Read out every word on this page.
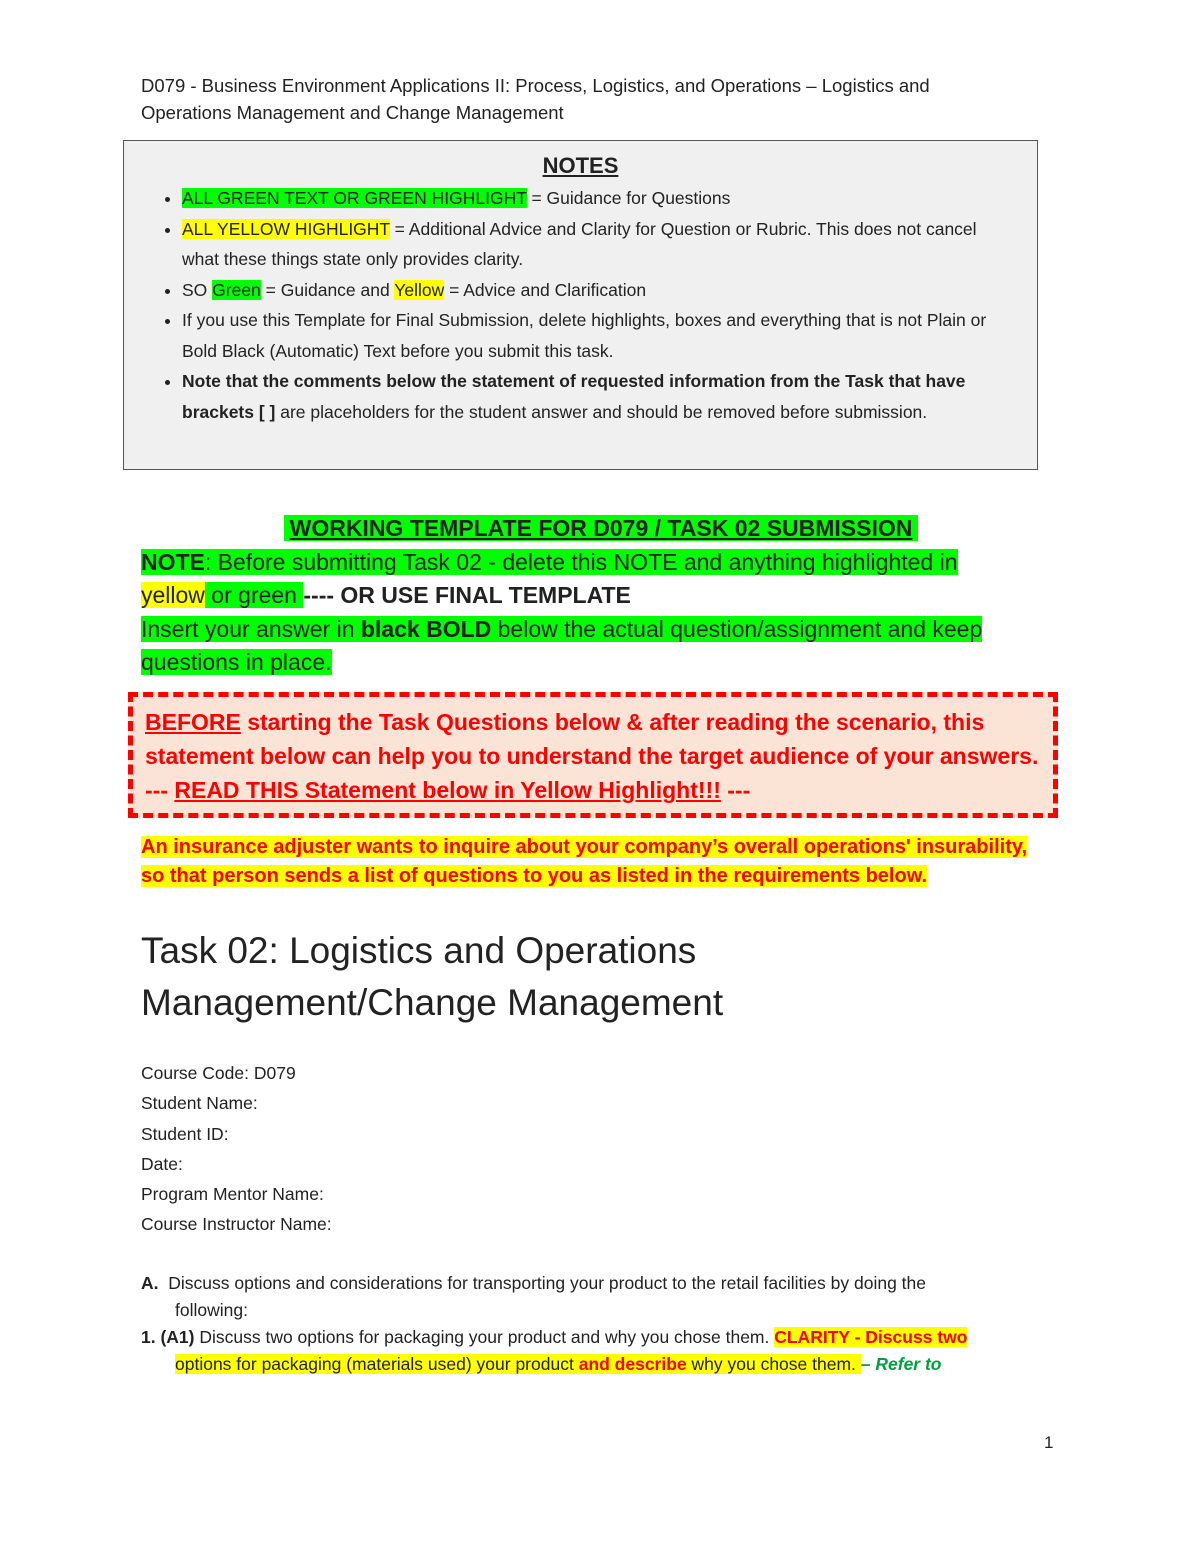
D079 - Business Environment Applications II: Process, Logistics, and Operations – Logistics and
Operations Management and Change Management
NOTES
• ALL GREEN TEXT OR GREEN HIGHLIGHT = Guidance for Questions
• ALL YELLOW HIGHLIGHT = Additional Advice and Clarity for Question or Rubric. This does not cancel what these things state only provides clarity.
• SO Green = Guidance and Yellow = Advice and Clarification
• If you use this Template for Final Submission, delete highlights, boxes and everything that is not Plain or Bold Black (Automatic) Text before you submit this task.
• Note that the comments below the statement of requested information from the Task that have brackets [ ] are placeholders for the student answer and should be removed before submission.
WORKING TEMPLATE FOR D079 / TASK 02 SUBMISSION
NOTE: Before submitting Task 02 - delete this NOTE and anything highlighted in
yellow or green ---- OR USE FINAL TEMPLATE
Insert your answer in black BOLD below the actual question/assignment and keep
questions in place.
BEFORE starting the Task Questions below & after reading the scenario, this statement below can help you to understand the target audience of your answers. --- READ THIS Statement below in Yellow Highlight!!! ---
An insurance adjuster wants to inquire about your company’s overall operations' insurability,
so that person sends a list of questions to you as listed in the requirements below.
Task 02: Logistics and Operations
Management/Change Management
Course Code: D079
Student Name:
Student ID:
Date:
Program Mentor Name:
Course Instructor Name:
A. Discuss options and considerations for transporting your product to the retail facilities by doing the
following:
1. (A1) Discuss two options for packaging your product and why you chose them. CLARITY - Discuss two
options for packaging (materials used) your product and describe why you chose them. – Refer to
1
